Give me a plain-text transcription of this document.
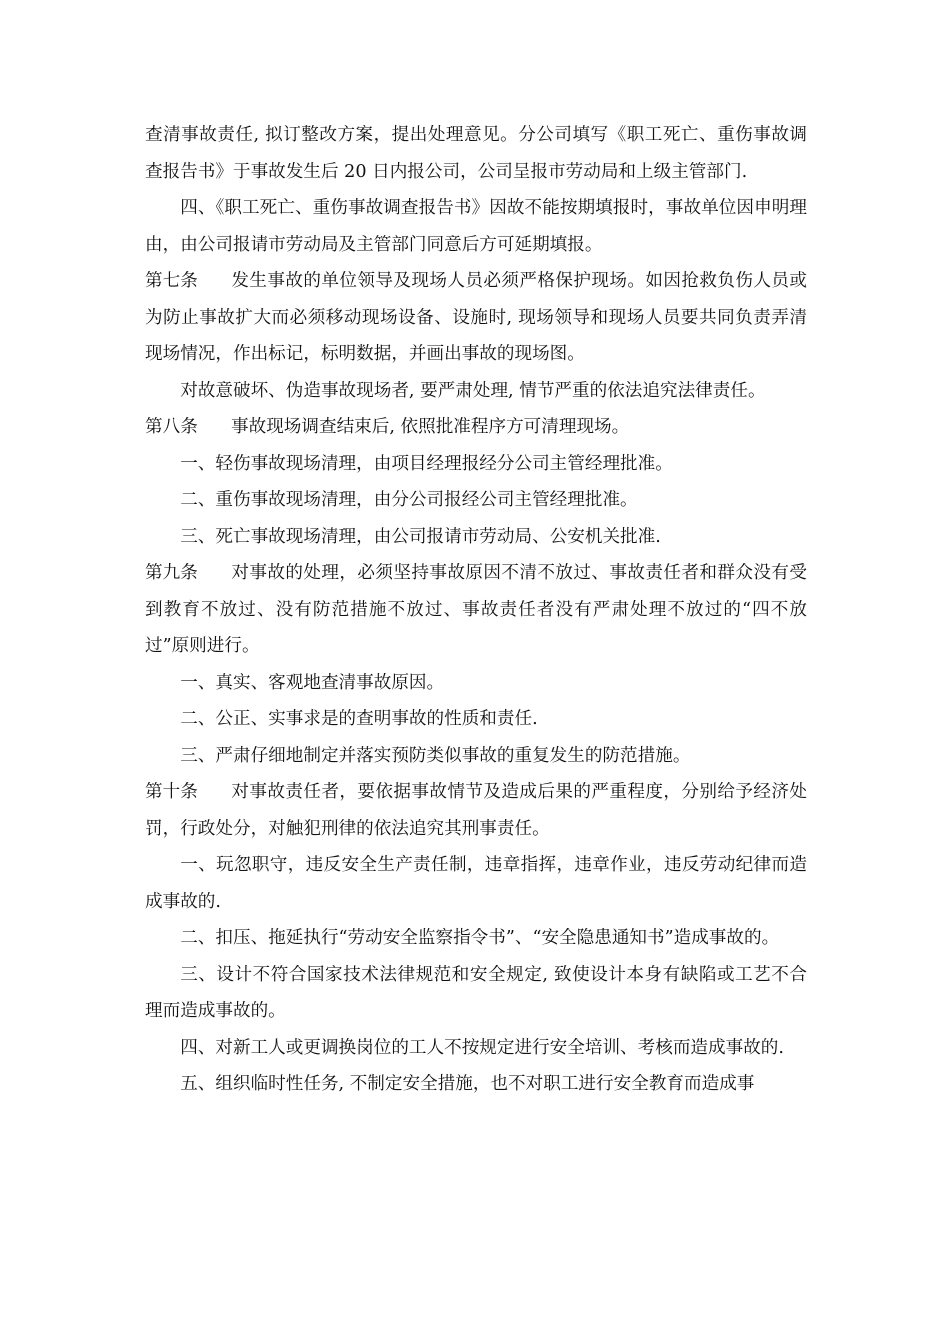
查清事故责任, 拟订整改方案，提出处理意见。分公司填写《职工死亡、重伤事故调查报告书》于事故发生后 20 日内报公司，公司呈报市劳动局和上级主管部门.

四、《职工死亡、重伤事故调查报告书》因故不能按期填报时，事故单位因申明理由，由公司报请市劳动局及主管部门同意后方可延期填报。

第七条 发生事故的单位领导及现场人员必须严格保护现场。如因抢救负伤人员或为防止事故扩大而必须移动现场设备、设施时, 现场领导和现场人员要共同负责弄清现场情况，作出标记，标明数据，并画出事故的现场图。

对故意破坏、伪造事故现场者, 要严肃处理, 情节严重的依法追究法律责任。

第八条 事故现场调查结束后, 依照批准程序方可清理现场。

一、轻伤事故现场清理，由项目经理报经分公司主管经理批准。

二、重伤事故现场清理，由分公司报经公司主管经理批准。

三、死亡事故现场清理，由公司报请市劳动局、公安机关批准.

第九条 对事故的处理，必须坚持事故原因不清不放过、事故责任者和群众没有受到教育不放过、没有防范措施不放过、事故责任者没有严肃处理不放过的“四不放过”原则进行。

一、真实、客观地查清事故原因。

二、公正、实事求是的查明事故的性质和责任.

三、严肃仔细地制定并落实预防类似事故的重复发生的防范措施。

第十条 对事故责任者，要依据事故情节及造成后果的严重程度，分别给予经济处罚，行政处分，对触犯刑律的依法追究其刑事责任。

一、玩忽职守，违反安全生产责任制，违章指挥，违章作业，违反劳动纪律而造成事故的.

二、扣压、拖延执行“劳动安全监察指令书”、“安全隐患通知书”造成事故的。

三、设计不符合国家技术法律规范和安全规定, 致使设计本身有缺陷或工艺不合理而造成事故的。

四、对新工人或更调换岗位的工人不按规定进行安全培训、考核而造成事故的.

五、组织临时性任务, 不制定安全措施，也不对职工进行安全教育而造成事
